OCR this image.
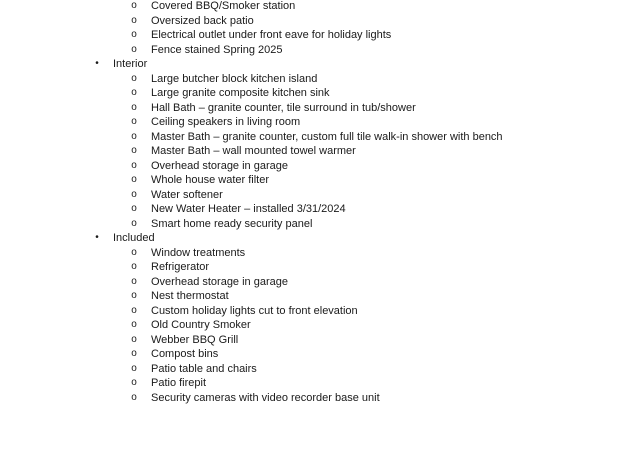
o Covered BBQ/Smoker station
o Oversized back patio
o Electrical outlet under front eave for holiday lights
o Fence stained Spring 2025
• Interior
o Large butcher block kitchen island
o Large granite composite kitchen sink
o Hall Bath – granite counter, tile surround in tub/shower
o Ceiling speakers in living room
o Master Bath – granite counter, custom full tile walk-in shower with bench
o Master Bath – wall mounted towel warmer
o Overhead storage in garage
o Whole house water filter
o Water softener
o New Water Heater – installed 3/31/2024
o Smart home ready security panel
• Included
o Window treatments
o Refrigerator
o Overhead storage in garage
o Nest thermostat
o Custom holiday lights cut to front elevation
o Old Country Smoker
o Webber BBQ Grill
o Compost bins
o Patio table and chairs
o Patio firepit
o Security cameras with video recorder base unit
